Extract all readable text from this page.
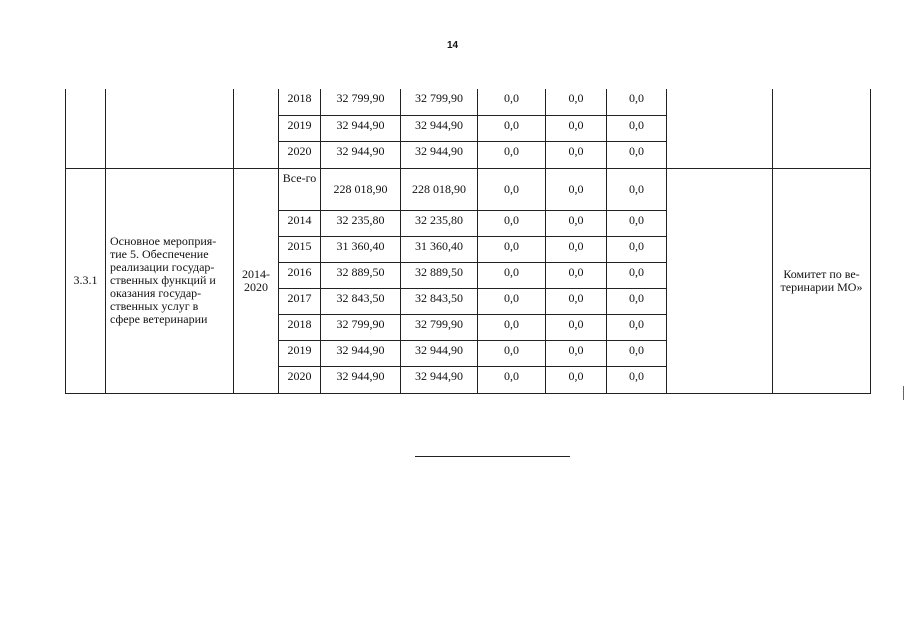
14
			2018	32 799,90	32 799,90	0,0	0,0	0,0		
			2019	32 944,90	32 944,90	0,0	0,0	0,0		
			2020	32 944,90	32 944,90	0,0	0,0	0,0		
3.3.1	Основное мероприя-тие 5. Обеспечение реализации государ-ственных функций и оказания государ-ственных услуг в сфере ветеринарии	2014-2020	Все-го	228 018,90	228 018,90	0,0	0,0	0,0		Комитет по ве-теринарии МО»
			2014	32 235,80	32 235,80	0,0	0,0	0,0		
			2015	31 360,40	31 360,40	0,0	0,0	0,0		
			2016	32 889,50	32 889,50	0,0	0,0	0,0		
			2017	32 843,50	32 843,50	0,0	0,0	0,0		
			2018	32 799,90	32 799,90	0,0	0,0	0,0		
			2019	32 944,90	32 944,90	0,0	0,0	0,0		
			2020	32 944,90	32 944,90	0,0	0,0	0,0		
